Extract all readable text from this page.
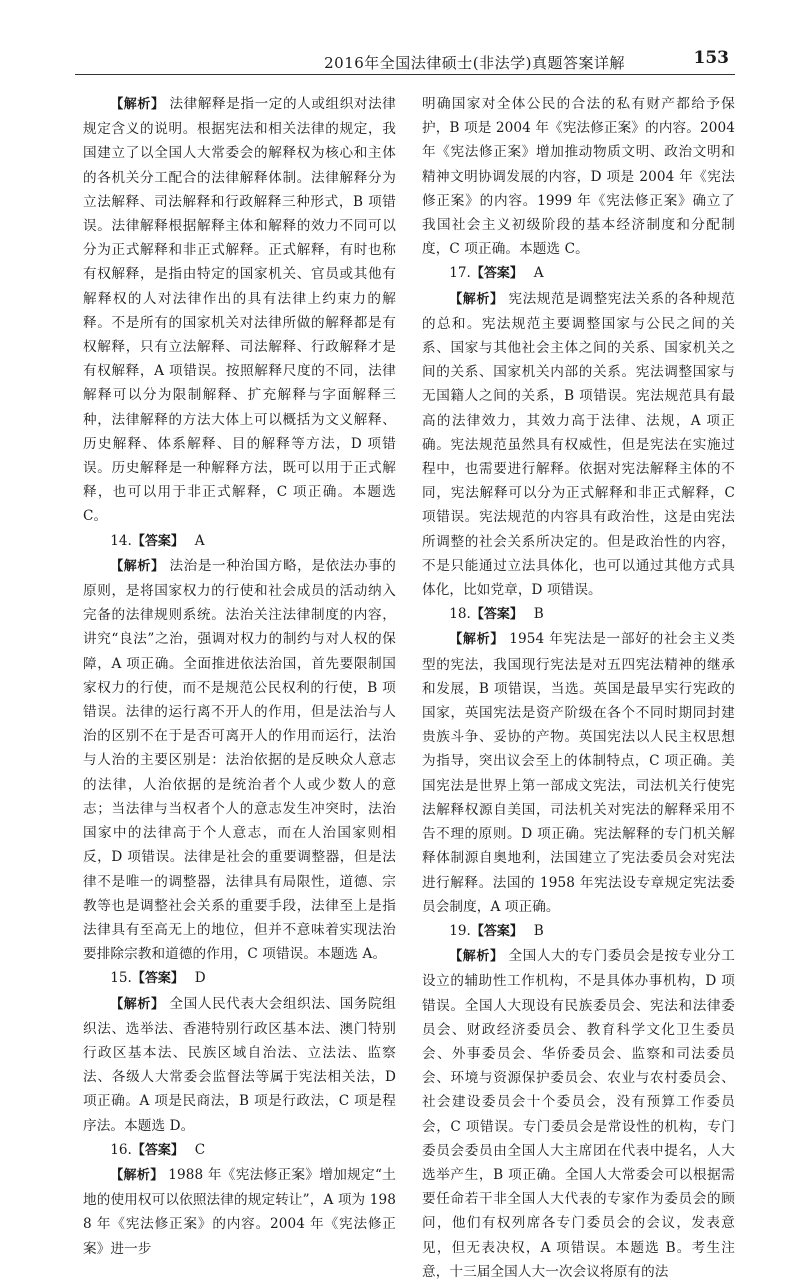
2016年全国法律硕士(非法学)真题答案详解	153

【解析】 法律解释是指一定的人或组织对法律规定含义的说明。根据宪法和相关法律的规定，我国建立了以全国人大常委会的解释权为核心和主体的各机关分工配合的法律解释体制。法律解释分为立法解释、司法解释和行政解释三种形式，B 项错误。法律解释根据解释主体和解释的效力不同可以分为正式解释和非正式解释。正式解释，有时也称有权解释，是指由特定的国家机关、官员或其他有解释权的人对法律作出的具有法律上约束力的解释。不是所有的国家机关对法律所做的解释都是有权解释，只有立法解释、司法解释、行政解释才是有权解释，A 项错误。按照解释尺度的不同，法律解释可以分为限制解释、扩充解释与字面解释三种，法律解释的方法大体上可以概括为文义解释、历史解释、体系解释、目的解释等方法，D 项错误。历史解释是一种解释方法，既可以用于正式解释，也可以用于非正式解释，C 项正确。本题选 C。

14.【答案】 A

【解析】 法治是一种治国方略，是依法办事的原则，是将国家权力的行使和社会成员的活动纳入完备的法律规则系统。法治关注法律制度的内容，讲究“良法”之治，强调对权力的制约与对人权的保障，A 项正确。全面推进依法治国，首先要限制国家权力的行使，而不是规范公民权利的行使，B 项错误。法律的运行离不开人的作用，但是法治与人治的区别不在于是否可离开人的作用而运行，法治与人治的主要区别是：法治依据的是反映众人意志的法律，人治依据的是统治者个人或少数人的意志；当法律与当权者个人的意志发生冲突时，法治国家中的法律高于个人意志，而在人治国家则相反，D 项错误。法律是社会的重要调整器，但是法律不是唯一的调整器，法律具有局限性，道德、宗教等也是调整社会关系的重要手段，法律至上是指法律具有至高无上的地位，但并不意味着实现法治要排除宗教和道德的作用，C 项错误。本题选 A。

15.【答案】 D

【解析】 全国人民代表大会组织法、国务院组织法、选举法、香港特别行政区基本法、澳门特别行政区基本法、民族区域自治法、立法法、监察法、各级人大常委会监督法等属于宪法相关法，D 项正确。A 项是民商法，B 项是行政法，C 项是程序法。本题选 D。

16.【答案】 C

【解析】 1988 年《宪法修正案》增加规定“土地的使用权可以依照法律的规定转让”，A 项为 1988 年《宪法修正案》的内容。2004 年《宪法修正案》进一步

明确国家对全体公民的合法的私有财产都给予保护，B 项是 2004 年《宪法修正案》的内容。2004 年《宪法修正案》增加推动物质文明、政治文明和精神文明协调发展的内容，D 项是 2004 年《宪法修正案》的内容。1999 年《宪法修正案》确立了我国社会主义初级阶段的基本经济制度和分配制度，C 项正确。本题选 C。

17.【答案】 A

【解析】 宪法规范是调整宪法关系的各种规范的总和。宪法规范主要调整国家与公民之间的关系、国家与其他社会主体之间的关系、国家机关之间的关系、国家机关内部的关系。宪法调整国家与无国籍人之间的关系，B 项错误。宪法规范具有最高的法律效力，其效力高于法律、法规，A 项正确。宪法规范虽然具有权威性，但是宪法在实施过程中，也需要进行解释。依据对宪法解释主体的不同，宪法解释可以分为正式解释和非正式解释，C 项错误。宪法规范的内容具有政治性，这是由宪法所调整的社会关系所决定的。但是政治性的内容，不是只能通过立法具体化，也可以通过其他方式具体化，比如党章，D 项错误。

18.【答案】 B

【解析】 1954 年宪法是一部好的社会主义类型的宪法，我国现行宪法是对五四宪法精神的继承和发展，B 项错误，当选。英国是最早实行宪政的国家，英国宪法是资产阶级在各个不同时期同封建贵族斗争、妥协的产物。英国宪法以人民主权思想为指导，突出议会至上的体制特点，C 项正确。美国宪法是世界上第一部成文宪法，司法机关行使宪法解释权源自美国，司法机关对宪法的解释采用不告不理的原则。D 项正确。宪法解释的专门机关解释体制源自奥地利，法国建立了宪法委员会对宪法进行解释。法国的 1958 年宪法设专章规定宪法委员会制度，A 项正确。

19.【答案】 B

【解析】 全国人大的专门委员会是按专业分工设立的辅助性工作机构，不是具体办事机构，D 项错误。全国人大现设有民族委员会、宪法和法律委员会、财政经济委员会、教育科学文化卫生委员会、外事委员会、华侨委员会、监察和司法委员会、环境与资源保护委员会、农业与农村委员会、社会建设委员会十个委员会，没有预算工作委员会，C 项错误。专门委员会是常设性的机构，专门委员会委员由全国人大主席团在代表中提名，人大选举产生，B 项正确。全国人大常委会可以根据需要任命若干非全国人大代表的专家作为委员会的顾问，他们有权列席各专门委员会的会议，发表意见，但无表决权，A 项错误。本题选 B。考生注意，十三届全国人大一次会议将原有的法
